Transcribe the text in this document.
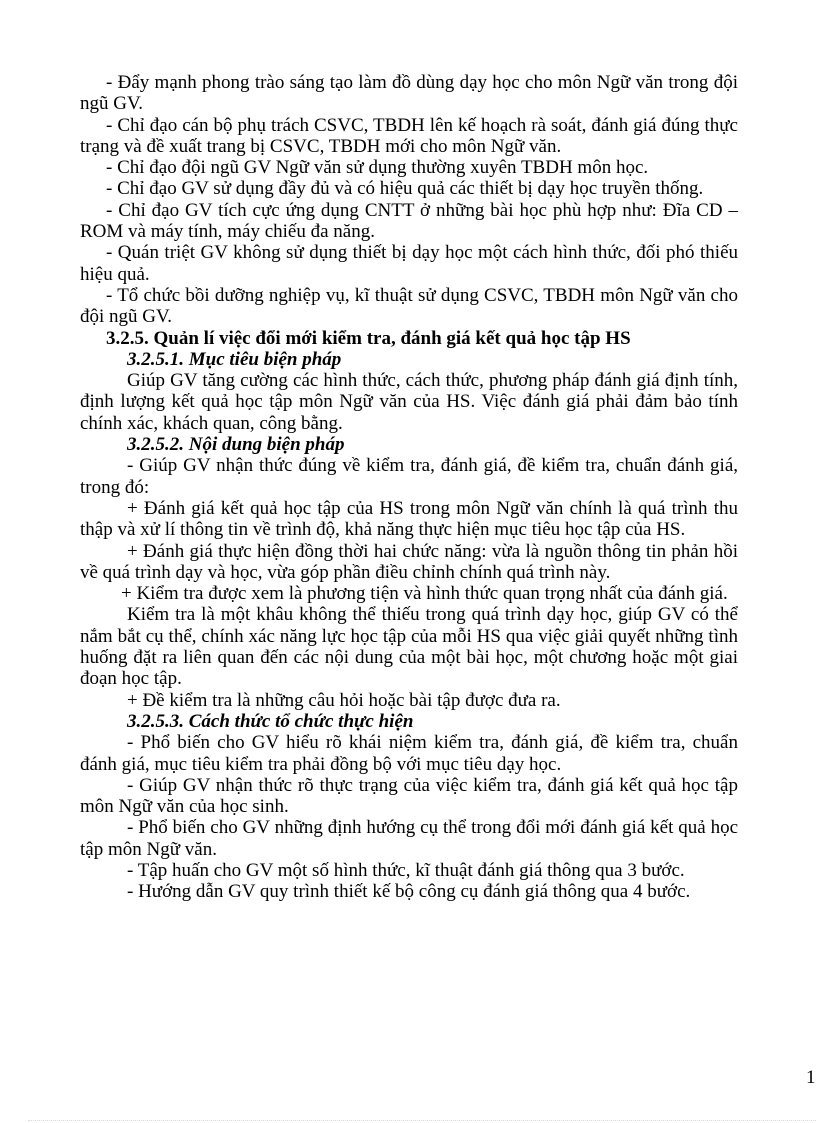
- Đẩy mạnh phong trào sáng tạo làm đồ dùng dạy học cho môn Ngữ văn trong đội ngũ GV.

- Chỉ đạo cán bộ phụ trách CSVC, TBDH lên kế hoạch rà soát, đánh giá đúng thực trạng và đề xuất trang bị CSVC, TBDH mới cho môn Ngữ văn.

- Chỉ đạo đội ngũ GV Ngữ văn sử dụng thường xuyên TBDH môn học.

- Chỉ đạo GV sử dụng đầy đủ và có hiệu quả các thiết bị dạy học truyền thống.

- Chỉ đạo GV tích cực ứng dụng CNTT ở những bài học phù hợp như: Đĩa CD – ROM và máy tính, máy chiếu đa năng.

- Quán triệt GV không sử dụng thiết bị dạy học một cách hình thức, đối phó thiếu hiệu quả.

- Tổ chức bồi dưỡng nghiệp vụ, kĩ thuật sử dụng CSVC, TBDH môn Ngữ văn cho đội ngũ GV.

3.2.5. Quản lí việc đổi mới kiểm tra, đánh giá kết quả học tập HS

3.2.5.1. Mục tiêu biện pháp

Giúp GV tăng cường các hình thức, cách thức, phương pháp đánh giá định tính, định lượng kết quả học tập môn Ngữ văn của HS. Việc đánh giá phải đảm bảo tính chính xác, khách quan, công bằng.

3.2.5.2. Nội dung biện pháp

- Giúp GV nhận thức đúng về kiểm tra, đánh giá, đề kiểm tra, chuẩn đánh giá, trong đó:

+ Đánh giá kết quả học tập của HS trong môn Ngữ văn chính là quá trình thu thập và xử lí thông tin về trình độ, khả năng thực hiện mục tiêu học tập của HS.

+ Đánh giá thực hiện đồng thời hai chức năng: vừa là nguồn thông tin phản hồi về quá trình dạy và học, vừa góp phần điều chỉnh chính quá trình này.

+ Kiểm tra được xem là phương tiện và hình thức quan trọng nhất của đánh giá.

Kiểm tra là một khâu không thể thiếu trong quá trình dạy học, giúp GV có thể nắm bắt cụ thể, chính xác năng lực học tập của mỗi HS qua việc giải quyết những tình huống đặt ra liên quan đến các nội dung của một bài học, một chương hoặc một giai đoạn học tập.

+ Đề kiểm tra là những câu hỏi hoặc bài tập được đưa ra.

3.2.5.3. Cách thức tổ chức thực hiện

- Phổ biến cho GV hiểu rõ khái niệm kiểm tra, đánh giá, đề kiểm tra, chuẩn đánh giá, mục tiêu kiểm tra phải đồng bộ với mục tiêu dạy học.

- Giúp GV nhận thức rõ thực trạng của việc kiểm tra, đánh giá kết quả học tập môn Ngữ văn của học sinh.

- Phổ biến cho GV những định hướng cụ thể trong đổi mới đánh giá kết quả học tập môn Ngữ văn.

- Tập huấn cho GV một số hình thức, kĩ thuật đánh giá thông qua 3 bước.

- Hướng dẫn GV quy trình thiết kế bộ công cụ đánh giá thông qua 4 bước.

1
